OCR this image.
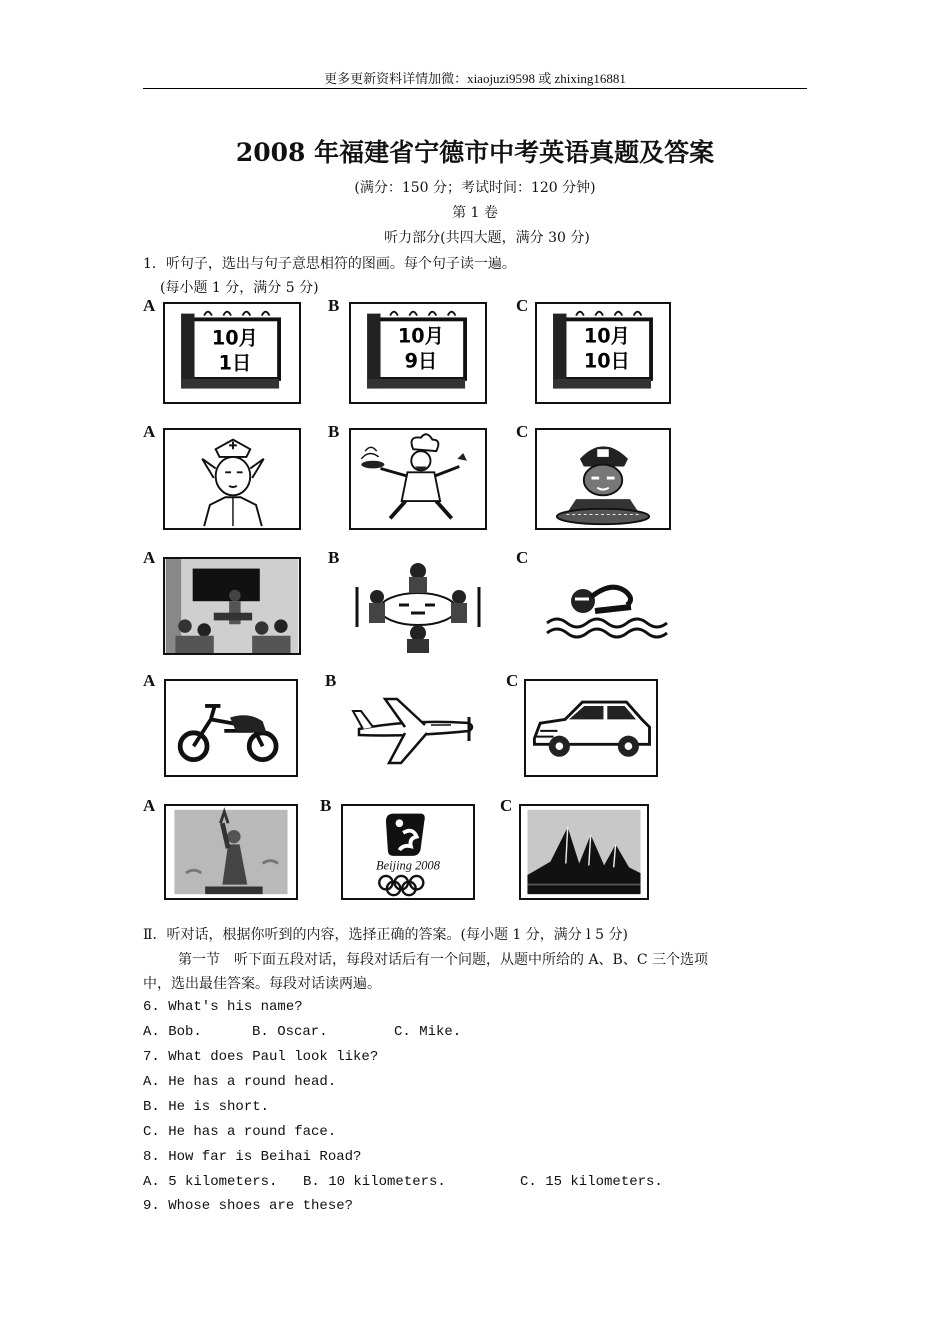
更多更新资料详情加微：xiaojuzi9598 或 zhixing16881
2008 年福建省宁德市中考英语真题及答案
(满分：150 分；考试时间：120 分钟)
第 1 卷
听力部分(共四大题，满分 30 分)
1．听句子，选出与句子意思相符的图画。每个句子读一遍。
(每小题 1 分，满分 5 分)
A	B	C
10月
1日
10月
9日
10月
10日
A	B	C
A	B	C
A	B	C
A	B	C
Beijing 2008
Ⅱ．听对话，根据你听到的内容，选择正确的答案。(每小题 1 分，满分 l 5 分)
第一节　听下面五段对话，每段对话后有一个问题，从题中所给的 A、B、C 三个选项
中，选出最佳答案。每段对话读两遍。
6. What's his name?
A. Bob.	B. Oscar.	C. Mike.
7. What does Paul look like?
A. He has a round head.
B. He is short.
C. He has a round face.
8. How far is Beihai Road?
A. 5 kilometers. B. 10 kilometers.	C. 15 kilometers.
9. Whose shoes are these?
